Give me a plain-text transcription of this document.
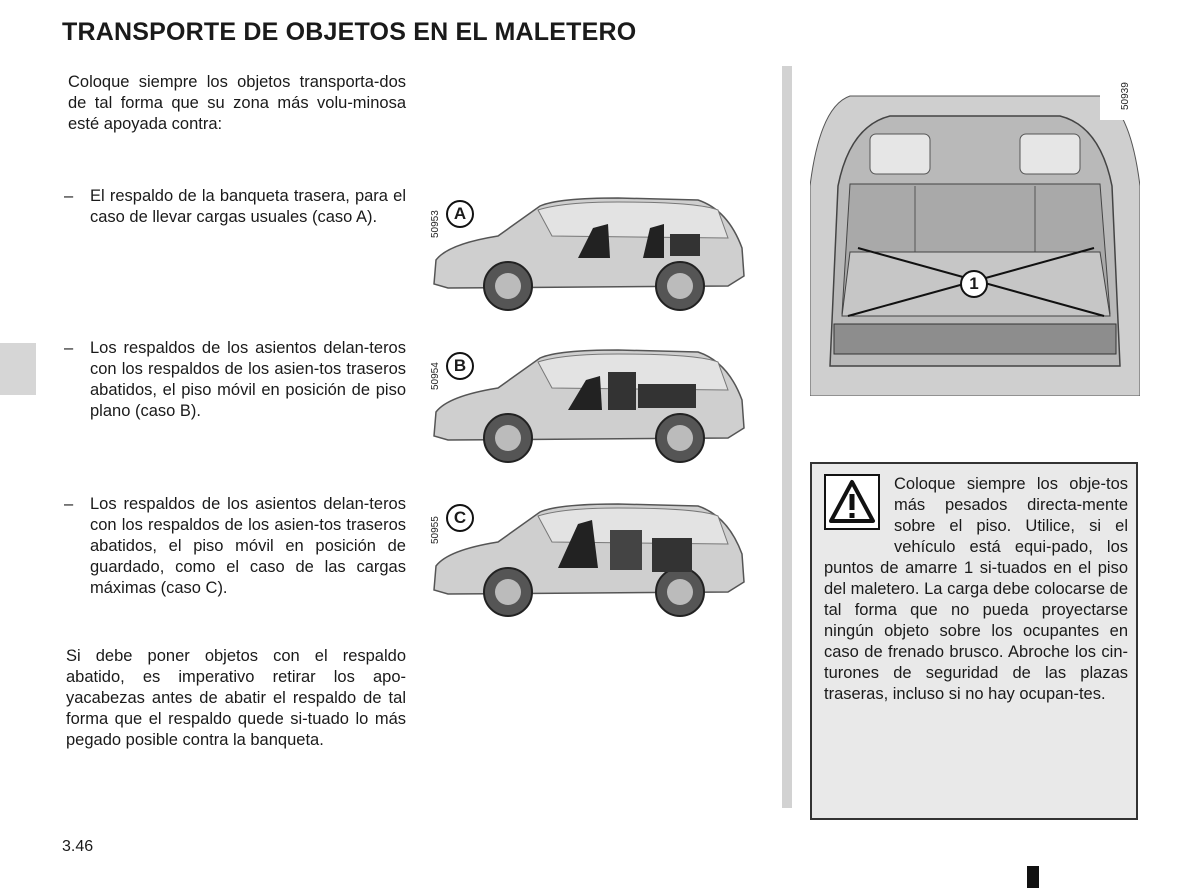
TRANSPORTE DE OBJETOS EN EL MALETERO
Coloque siempre los objetos transporta-dos de tal forma que su zona más volu-minosa esté apoyada contra:
– El respaldo de la banqueta trasera, para el caso de llevar cargas usuales (caso A).
– Los respaldos de los asientos delan-teros con los respaldos de los asien-tos traseros abatidos, el piso móvil en posición de piso plano (caso B).
– Los respaldos de los asientos delan-teros con los respaldos de los asien-tos traseros abatidos, el piso móvil en posición de guardado, como el caso de las cargas máximas (caso C).
Si debe poner objetos con el respaldo abatido, es imperativo retirar los apo-yacabezas antes de abatir el respaldo de tal forma que el respaldo quede si-tuado lo más pegado posible contra la banqueta.
50953 A
50954 B
50955 C
50939
1
Coloque siempre los obje-tos más pesados directa-mente sobre el piso. Utilice, si el vehículo está equi-pado, los puntos de amarre 1 si-tuados en el piso del maletero. La carga debe colocarse de tal forma que no pueda proyectarse ningún objeto sobre los ocupantes en caso de frenado brusco. Abroche los cin-turones de seguridad de las plazas traseras, incluso si no hay ocupan-tes.
3.46
